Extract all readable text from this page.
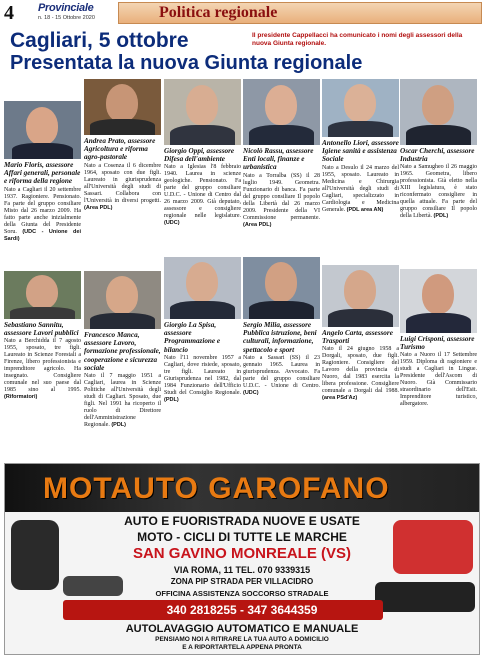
4 Provinciale
n. 18 - 15 Ottobre 2020	Politica regionale
Cagliari, 5 ottobre
Presentata la nuova Giunta regionale
Il presidente Cappellacci ha comunicato i nomi degli assessori della nuova Giunta regionale.
Mario Floris, assessore Affari generali, personale e riforma della regione
Nato a Cagliari il 20 settembre 1937. Ragioniere. Pensionato. Fa parte del gruppo consiliare Misto dal 26 marzo 2009. Ha fatto parte anche inizialmente della Giunta del Presidente Soru. (UDC - Unione dei Sardi)
Andrea Prato, assessore Agricoltura e riforma agro-pastorale
Nato a Cosenza il 6 dicembre 1964, sposato con due figli. Laureato in giurisprudenza all'Università degli studi di Sassari. Collabora con l'Università in diversi progetti. (Area PDL)
Giorgio Oppi, assessore Difesa dell'ambiente
Nato a Iglesias l'8 febbraio 1940. Laurea in scienze geologiche. Pensionato. Fa parte del gruppo consiliare U.D.C. - Unione di Centro dal 26 marzo 2009. Già deputato, assessore e consigliere regionale nelle legislature. (UDC)
Nicolò Rassu, assessore Enti locali, finanze e urbanistica
Nato a Torralba (SS) il 28 luglio 1949. Geometra. Funzionario di banca. Fa parte del gruppo consiliare Il popolo della Libertà dal 26 marzo 2009. Presidente della VI Commissione permanente. (Area PDL)
Antonello Liori, assessore Igiene sanità e assistenza Sociale
Nato a Desulo il 24 marzo del 1955, sposato. Laureato in Medicina e Chirurgia all'Università degli studi di Cagliari, specializzato in Cardiologia e Medicina Generale. (PDL area AN)
Oscar Cherchi, assessore Industria
Nato a Samugheo il 26 maggio 1965. Geometra, libero professionista. Già eletto nella XIII legislatura, è stato riconfermato consigliere in quella attuale. Fa parte del gruppo consiliare Il popolo della Libertà. (PDL)
Sebastiano Sannitu, assessore Lavori pubblici
Nato a Berchidda il 7 agosto 1955, sposato, tre figli. Laureato in Scienze Forestali a Firenze, libero professionista e imprenditore agricolo. Ha insegnato. Consigliere comunale nel suo paese dal 1985 sino al 1995. (Riformatori)
Francesco Manca, assessore Lavoro, formazione professionale, cooperazione e sicurezza sociale
Nato il 7 maggio 1951 a Cagliari, laurea in Scienze Politiche all'Università degli studi di Cagliari. Sposato, due figli. Nel 1991 ha ricoperto il ruolo di Direttore dell'Amministrazione Regionale. (PDL)
Giorgio La Spisa, assessore Programmazione e bilancio
Nato l'11 novembre 1957 a Cagliari, dove risiede, sposato, tre figli. Laureato in Giurisprudenza nel 1982, dal 1984 Funzionario dell'Ufficio Studi del Consiglio Regionale. (PDL)
Sergio Milia, assessore Pubblica istruzione, beni culturali, informazione, spettacolo e sport
Nato a Sassari (SS) il 23 gennaio 1965. Laurea in giurisprudenza. Avvocato. Fa parte del gruppo consiliare U.D.C. - Unione di Centro. (UDC)
Angelo Carta, assessore Trasporti
Nato il 24 giugno 1958 a Dorgali, sposato, due figli. Ragioniere. Consigliere del Lavoro della provincia di Nuoro, dal 1983 esercita la libera professione. Consigliere comunale a Dorgali dal 1988. (area PSd'Az)
Luigi Crisponi, assessore Turismo
Nato a Nuoro il 17 Settembre 1959. Diploma di ragioniere e studi a Cagliari in Lingue. Presidente dell'Ascom di Nuoro. Già Commissario straordinario dell'Esit. Imprenditore turistico, albergatore.
MOTAUTO GAROFANO
AUTO E FUORISTRADA NUOVE E USATE
MOTO - CICLI DI TUTTE LE MARCHE
SAN GAVINO MONREALE (VS)
VIA ROMA, 11 TEL. 070 9339315
ZONA PIP STRADA PER VILLACIDRO
OFFICINA ASSISTENZA SOCCORSO STRADALE
340 2818255 - 347 3644359
AUTOLAVAGGIO AUTOMATICO E MANUALE
PENSIAMO NOI A RITIRARE LA TUA AUTO A DOMICILIO
E A RIPORTARTELA APPENA PRONTA
